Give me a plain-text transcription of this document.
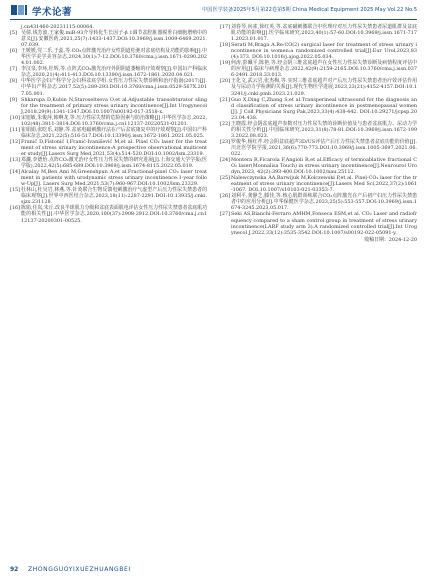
学术论著	中国医学装备2025年5月第22卷第5期 China Medical Equipment 2025 May Vol.22 No.5

j.cn431460-20231115-00064.

[5] 吴倩,钱芳波,王家俊.miR-93介导转化生长因子-β 1调节盆腔脏器脱垂白细胞增殖中的意义[J].安徽医药,2021,25(7):1433-1437.DOI:10.3969/j.issn.1009-6469.2021.07.039.

[6] 王媛媛,党二乐,于蕊,等.CO₂点阵激光治疗女性阴道松弛对盆底结构及功能的影响[J].中华医学美学美容杂志,2024,30(1):7-12.DOI:10.3760/cma.j.issn.1671-0290.2024.01.002.

[7] 李汉泉,李环,杜辉,等.点阵式CO₂激光治疗外阴阴道萎缩的疗效观察[J].中国妇产科临床杂志,2020,21(4):411-413.DOI:10.13390/j.issn.1672-1861.2020.04.021.

[8] 中华医学会妇产科学分会妇科盆底学组.女性压力性尿失禁诊断和治疗指南(2017)[J].中华妇产科杂志,2017,52(5):289-293.DOI:10.3760/cma.j.issn.0529-567X.2017.05.001.

[9] Shkarupa D,Kubin N,Staroseltseva O,et al.Adjustable transobturator sling for the treatment of primary stress urinary incontinence[J].Int Urogynecol J,2018,29(9):1341-1347.DOI:10.1007/s00192-017-3518-x.

[10] 宋旭敏,朱俊萍,韩啊龙,等.压力性尿失禁的危险因素与防治策略[J].中华医学杂志,2022,102(48):3811-3814.DOI:10.3760/cma.j.cn112137-20220531-01201.

[11] 崔娟娟,张吃乐,刘静,等.盆底电磁刺激疗法在产后盆底康复中的疗效观察[J].中国妇产科临床杂志,2021,22(5):516-517.DOI:10.13390/j.issn.1672-1861.2021.05.025.

[12] Franić D,Fistonić I,Franić-Ivanišević M,et al. Pixel CO₂ laser for the treatment of stress urinary incontinence:A prospective observational multicenter study[J].Lasers Surg Med,2021,53(4):514-520.DOI:10.1002/lsm.23319.

[13] 邓濂,李德怡.点阵CO₂激光治疗女性压力性尿失禁的研究进展[J].上海交通大学学报(医学版),2022,42(5):685-689.DOI:10.3969/j.issn.1674-8115.2022.05.019.

[14] Alcalay M,Ben Ami M,Greenshpun A,et al.Fractional-pixel CO₂ laser treatment in patients with urodynamic stress urinary incontinence:1-year follow-Up[J]. Lasers Surg Med,2021,53(7):960-967.DOI:10.1002/lsm.23329.

[15] 杜林山,杜吴岩,林燕,等.针灸联合生物反馈电刺激治疗气虚型产后压力性尿失禁患者的临床观察[J].世界中西医结合杂志,2023,18(11):2287-2291.DOI:10.13935/j.cnki.sjzx.231128.

[16] 陈娟,任岚,朱丘.改良半球肌力分级和盆底表面肌电评估女性压力性尿失禁患者盆底肌功能的相关性[J].中华医学杂志,2020,100(37):2908-2912.DOI:10.3760/cma.j.cn112137-20200301-00525.

[17] 刘春琴,向雀,徐红英,等.盆底磁刺激联合中医理疗对压力性尿失禁患者尿道肌群及盆底肌功能的影响[J].医学临床研究,2023,40(1):57-60.DOI:10.3969/j.issn.1671-7171.2023.01.017.

[18] Serati M,Braga A.Re:CO(2) surgical laser for treatment of stress urinary incontinence in women:a randomized controlled trial[J].Eur Urol,2023,83(4):373. DOI:10.1016/j.ajog.2022.05.034.

[19] 何涛,彭珮平,陈艳,等.经会阴三维盆底超声在女性压力性尿失禁诊断及病情程度评估中的应用[J].临床与病理杂志,2022,42(9):2159-2165.DOI:10.3760/cma.j.issn.0376-2491.2018.33.013.

[20] 王化文,武云岩,张杰梅,等.实时三维盆底超声对产后压力性尿失禁患者治疗效评估作用及与尿动力学检测的关系[J].现代生物医学进展,2023,23(21):4152-4157.DOI:10.13241/j.cnki.pmb.2023.21.029.

[21] Guo X,Ding C,Zhang S,et al.Transperineal ultrasound for the diagnosis and classification of stress urinary incontinence in postmenopausal women[J]. J Coll Physicians Surg Pak,2023,33(4):438-442. DOI:10.29271/jcpsp.2023.04.438.

[22] 王晓霞.经会阴盆底超声参数对压力性尿失禁的诊断价值及与患者盆底肌力、尿动力学的相关性分析[J].中国临床研究,2023,31(8):78-81.DOI:10.3969/j.issn.1672-1993.2022.08.023.

[23] 罗俊华,杨红芹.经会阴盆底超声3D/US评估产后压力性尿失禁患者盆底功能的价值[J].川北医学院学报,2021,36(6):770-773.DOI:10.3969/j.issn.1005-3697.2021.06.022.

[24] Montera R,Ficarola F,Angioli R,et al.Efficacy of termoablative fractional CO₂ laser(Monnalisa Touch) in stress urinary incontinence[J].Neurourol Urodyn,2023, 42(2):393-400.DOI:10.1002/nau.25112.

[25] Nalewczynska AA,Barwijuk M,Kolczewski P,et al. Pixel-CO₂ laser for the treatment of stress urinary incontinence[J].Lasers Med Sci,2022,37(2):1061-1067. DOI:10.1007/s10103-021-03353-7.

[26] 刘利平,龚静芝,滕佳,等.核心肌群训练联合CO₂点阵激光在产后初产妇压力性尿失禁患者中的应用分析[J].中华保健医学杂志,2023,25(5):553-557.DOI:10.3969/j.issn.1674-3245.2023.05.017.

[27] Seki AS,Bianchi-Ferraro AMHM,Fonseca ESM,et al. CO₂ Laser and radiofrequency compared to a sham control group in treatment of stress urinary incontinence(LARF study arm 3).A randomized controlled trial[J].Int Urogynecol J,2022,33(12):3535-3542.DOI:10.1007/s00192-022-05091-y.

收稿日期：2024-12-20
92 ZHONGGUOYIXUEZHUANGBEI
